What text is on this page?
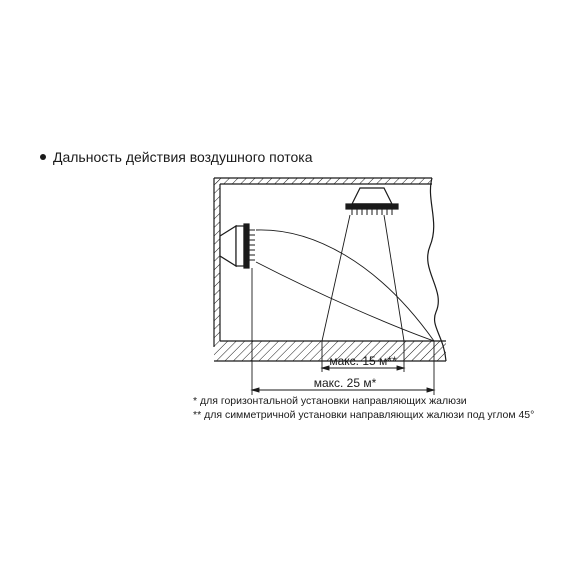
Дальность действия воздушного потока
макс. 15 м**
макс. 25 м*
* для горизонтальной установки направляющих жалюзи
** для симметричной установки направляющих жалюзи под углом 45°
